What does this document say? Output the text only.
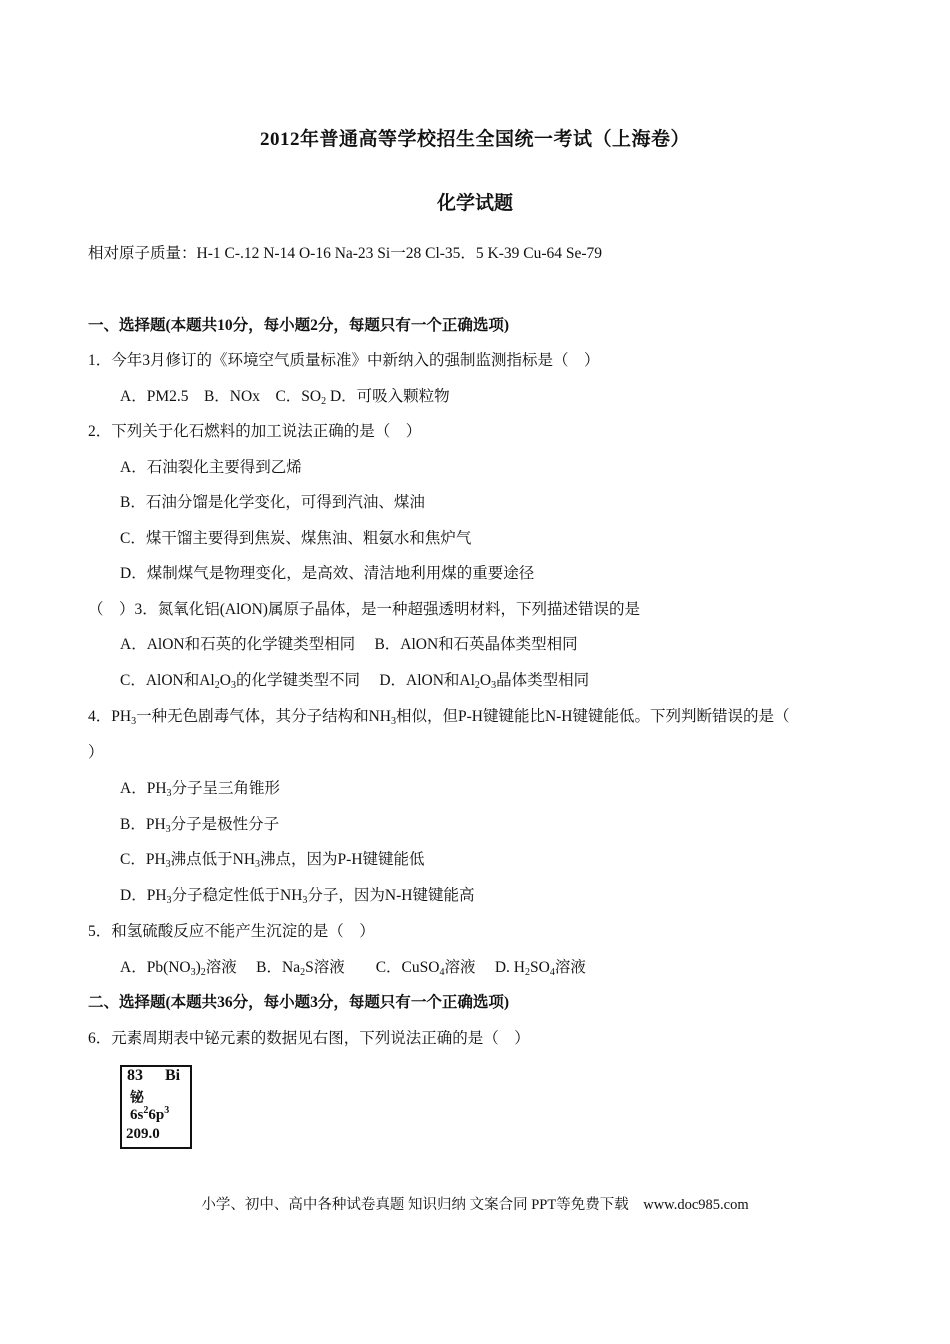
2012年普通高等学校招生全国统一考试（上海卷）
化学试题
相对原子质量：H-1 C-.12 N-14 O-16 Na-23 Si一28 Cl-35．5 K-39 Cu-64 Se-79
一、选择题(本题共10分，每小题2分，每题只有一个正确选项)
1．今年3月修订的《环境空气质量标准》中新纳入的强制监测指标是（　）
A．PM2.5　B．NOx　C．$SO_2$ D．可吸入颗粒物
2．下列关于化石燃料的加工说法正确的是（　）
A．石油裂化主要得到乙烯
B．石油分馏是化学变化，可得到汽油、煤油
C．煤干馏主要得到焦炭、煤焦油、粗氨水和焦炉气
D．煤制煤气是物理变化，是高效、清洁地利用煤的重要途径
（　）3．氮氧化铝(AlON)属原子晶体，是一种超强透明材料，下列描述错误的是
A．AlON和石英的化学键类型相同　 B．AlON和石英晶体类型相同
C．AlON和$Al_2O_3$的化学键类型不同　 D．AlON和$Al_2O_3$晶体类型相同
4．$PH_3$一种无色剧毒气体，其分子结构和$NH_3$相似，但P-H键键能比N-H键键能低。下列判断错误的是（
）
A．$PH_3$分子呈三角锥形
B．$PH_3$分子是极性分子
C．$PH_3$沸点低于$NH_3$沸点，因为P-H键键能低
D．$PH_3$分子稳定性低于$NH_3$分子，因为N-H键键能高
5．和氢硫酸反应不能产生沉淀的是（　）
A．$Pb(NO_3)_2$溶液　 B．$Na_2S$溶液　　C．CuSO$_4$溶液　 D. $H_2SO_4$溶液
二、选择题(本题共36分，每小题3分，每题只有一个正确选项)
6．元素周期表中铋元素的数据见右图，下列说法正确的是（　）
83 Bi
铋
$6s^26p^3$
209.0
小学、初中、高中各种试卷真题 知识归纳 文案合同 PPT等免费下载　www.doc985.com
